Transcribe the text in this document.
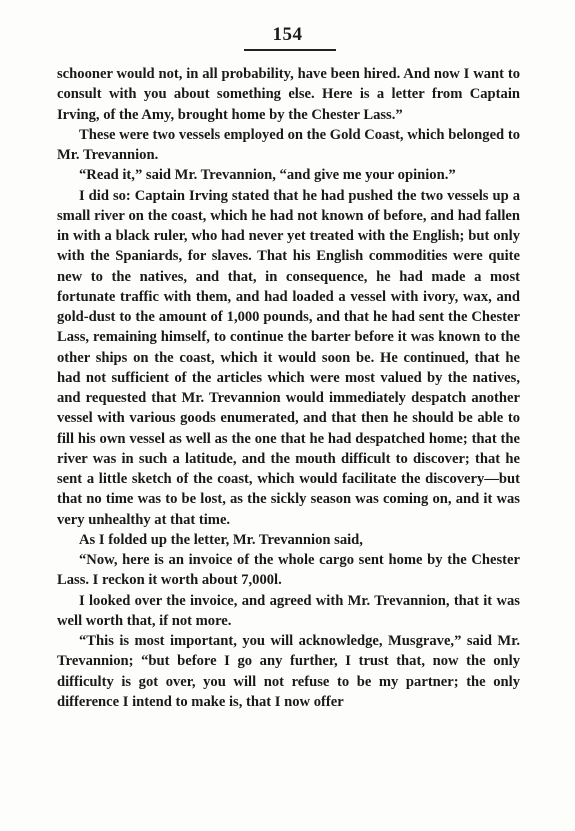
154

schooner would not, in all probability, have been hired. And now I want to consult with you about something else. Here is a letter from Captain Irving, of the Amy, brought home by the Chester Lass.”

These were two vessels employed on the Gold Coast, which belonged to Mr. Trevannion.

“Read it,” said Mr. Trevannion, “and give me your opinion.”

I did so: Captain Irving stated that he had pushed the two vessels up a small river on the coast, which he had not known of before, and had fallen in with a black ruler, who had never yet treated with the English; but only with the Spaniards, for slaves. That his English commodities were quite new to the natives, and that, in consequence, he had made a most fortunate traffic with them, and had loaded a vessel with ivory, wax, and gold-dust to the amount of 1,000 pounds, and that he had sent the Chester Lass, remaining himself, to continue the barter before it was known to the other ships on the coast, which it would soon be. He continued, that he had not sufficient of the articles which were most valued by the natives, and requested that Mr. Trevannion would immediately despatch another vessel with various goods enumerated, and that then he should be able to fill his own vessel as well as the one that he had despatched home; that the river was in such a latitude, and the mouth difficult to discover; that he sent a little sketch of the coast, which would facilitate the discovery—but that no time was to be lost, as the sickly season was coming on, and it was very unhealthy at that time.

As I folded up the letter, Mr. Trevannion said,

“Now, here is an invoice of the whole cargo sent home by the Chester Lass. I reckon it worth about 7,000l.

I looked over the invoice, and agreed with Mr. Trevannion, that it was well worth that, if not more.

“This is most important, you will acknowledge, Musgrave,” said Mr. Trevannion; “but before I go any further, I trust that, now the only difficulty is got over, you will not refuse to be my partner; the only difference I intend to make is, that I now offer
